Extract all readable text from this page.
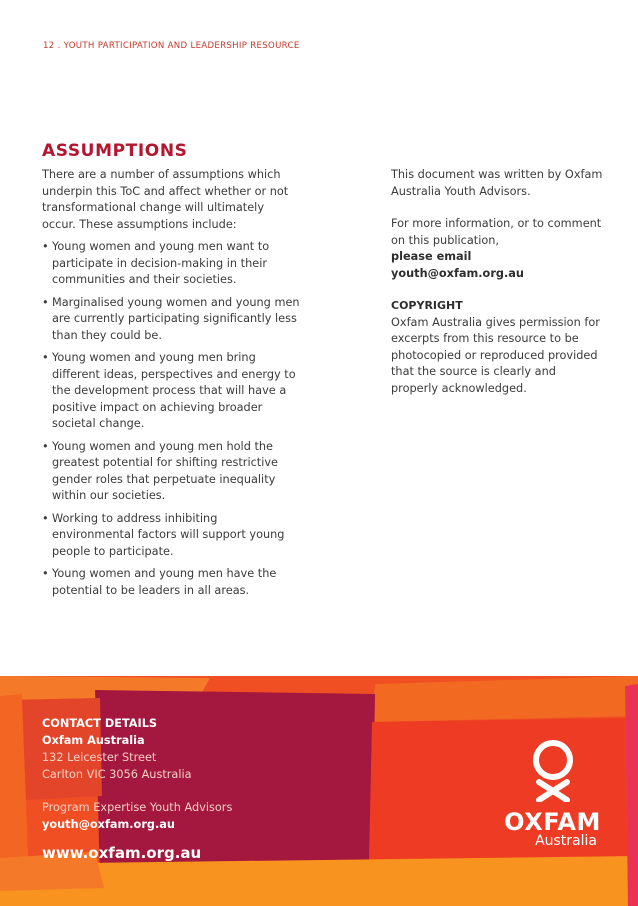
12 . YOUTH PARTICIPATION AND LEADERSHIP RESOURCE
ASSUMPTIONS

There are a number of assumptions which underpin this ToC and affect whether or not transformational change will ultimately occur. These assumptions include:

• Young women and young men want to participate in decision-making in their communities and their societies.
• Marginalised young women and young men are currently participating significantly less than they could be.
• Young women and young men bring different ideas, perspectives and energy to the development process that will have a positive impact on achieving broader societal change.
• Young women and young men hold the greatest potential for shifting restrictive gender roles that perpetuate inequality within our societies.
• Working to address inhibiting environmental factors will support young people to participate.
• Young women and young men have the potential to be leaders in all areas.

This document was written by Oxfam Australia Youth Advisors.

For more information, or to comment on this publication,
please email youth@oxfam.org.au

COPYRIGHT

Oxfam Australia gives permission for excerpts from this resource to be photocopied or reproduced provided that the source is clearly and properly acknowledged.

CONTACT DETAILS
Oxfam Australia
132 Leicester Street
Carlton VIC 3056 Australia
Program Expertise Youth Advisors
youth@oxfam.org.au
www.oxfam.org.au
OXFAM
Australia
